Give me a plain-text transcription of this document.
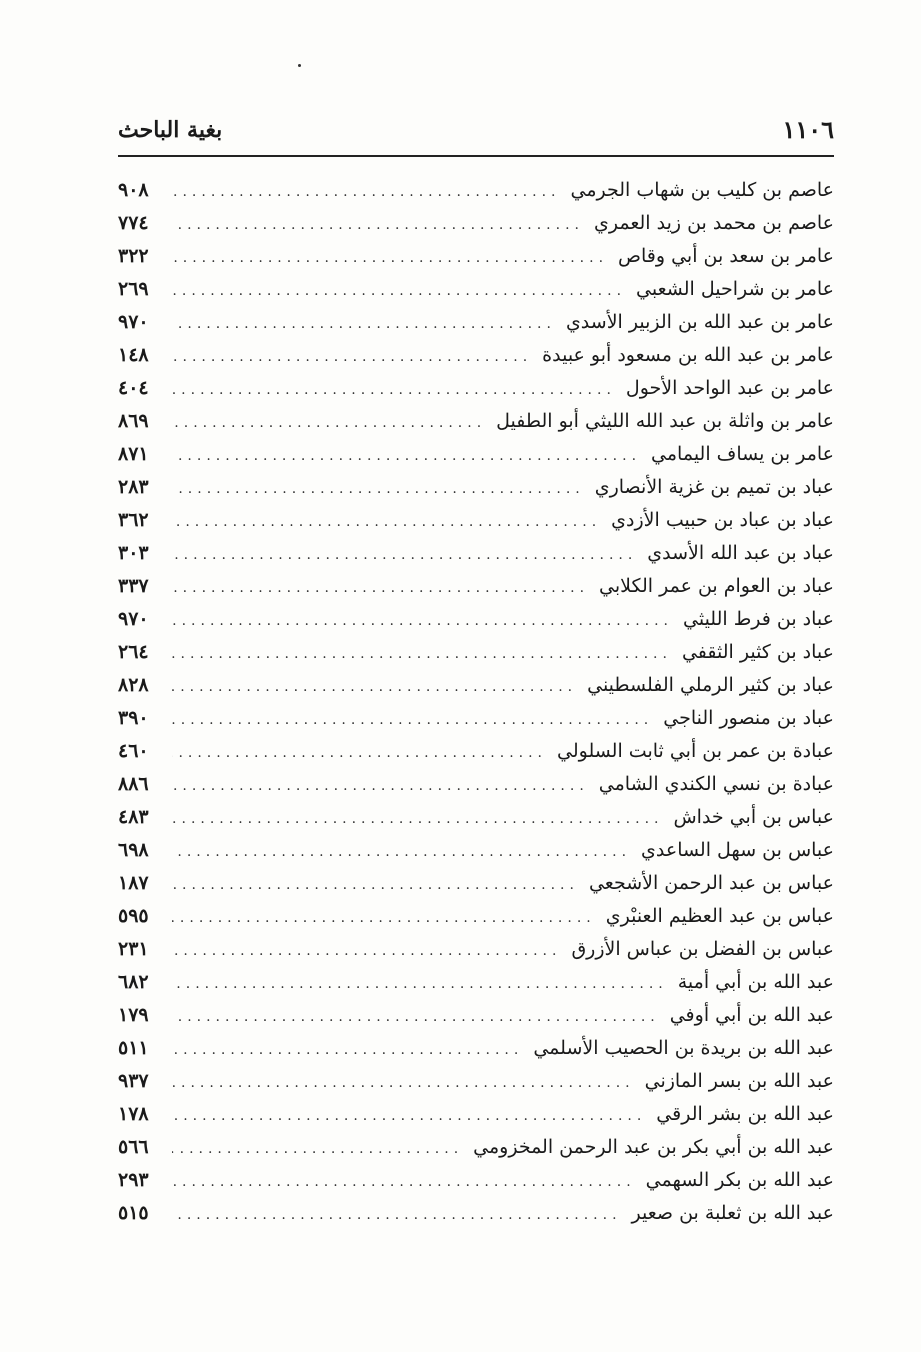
١١٠٦
بغية الباحث
عاصم بن كليب بن شهاب الجرمي
.....
٩٠٨
عاصم بن محمد بن زيد العمري
.....
٧٧٤
عامر بن سعد بن أبي وقاص
.....
٣٢٢
عامر بن شراحيل الشعبي
.....
٢٦٩
عامر بن عبد الله بن الزبير الأسدي
.....
٩٧٠
عامر بن عبد الله بن مسعود أبو عبيدة
.....
١٤٨
عامر بن عبد الواحد الأحول
.....
٤٠٤
عامر بن واثلة بن عبد الله الليثي أبو الطفيل
.....
٨٦٩
عامر بن يساف اليمامي
.....
٨٧١
عباد بن تميم بن غزية الأنصاري
.....
٢٨٣
عباد بن عباد بن حبيب الأزدي
.....
٣٦٢
عباد بن عبد الله الأسدي
.....
٣٠٣
عباد بن العوام بن عمر الكلابي
.....
٣٣٧
عباد بن فرط الليثي
.....
٩٧٠
عباد بن كثير الثقفي
.....
٢٦٤
عباد بن كثير الرملي الفلسطيني
.....
٨٢٨
عباد بن منصور الناجي
.....
٣٩٠
عبادة بن عمر بن أبي ثابت السلولي
.....
٤٦٠
عبادة بن نسي الكندي الشامي
.....
٨٨٦
عباس بن أبي خداش
.....
٤٨٣
عباس بن سهل الساعدي
.....
٦٩٨
عباس بن عبد الرحمن الأشجعي
.....
١٨٧
عباس بن عبد العظيم العنبْري
.....
٥٩٥
عباس بن الفضل بن عباس الأزرق
.....
٢٣١
عبد الله بن أبي أمية
.....
٦٨٢
عبد الله بن أبي أوفي
.....
١٧٩
عبد الله بن بريدة بن الحصيب الأسلمي
.....
٥١١
عبد الله بن بسر المازني
.....
٩٣٧
عبد الله بن بشر الرقي
.....
١٧٨
عبد الله بن أبي بكر بن عبد الرحمن المخزومي
.....
٥٦٦
عبد الله بن بكر السهمي
.....
٢٩٣
عبد الله بن ثعلبة بن صعير
.....
٥١٥
